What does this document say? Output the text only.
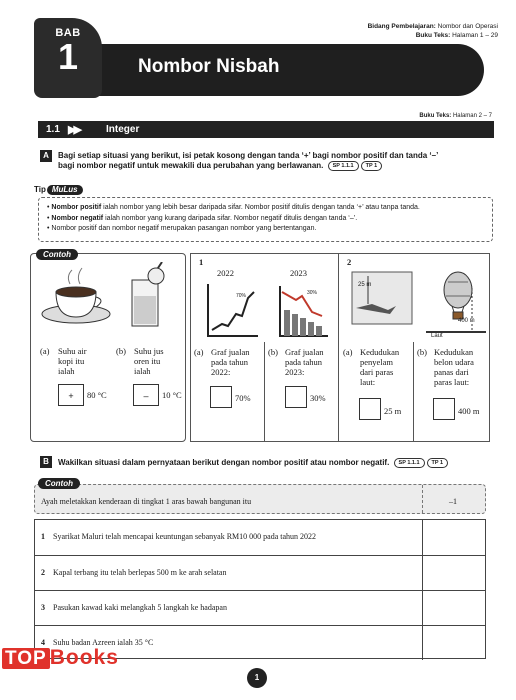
Bidang Pembelajaran: Nombor dan Operasi
Buku Teks: Halaman 1 – 29
Nombor Nisbah
BAB
1
Buku Teks: Halaman 2 – 7
1.1 ▶▶	Integer
A	Bagi setiap situasi yang berikut, isi petak kosong dengan tanda ‘+’ bagi nombor positif dan tanda ‘–’
bagi nombor negatif untuk mewakili dua perubahan yang berlawanan. SP 1.1.1 TP 1
Tip MuLus
• Nombor positif ialah nombor yang lebih besar daripada sifar. Nombor positif ditulis dengan tanda ‘+’ atau tanpa tanda.
• Nombor negatif ialah nombor yang kurang daripada sifar. Nombor negatif ditulis dengan tanda ‘–’.
• Nombor positif dan nombor negatif merupakan pasangan nombor yang bertentangan.
Contoh
(a) Suhu air
kopi itu
ialah
+	80 °C
(b) Suhu jus
oren itu
ialah
–	10 °C
1
2022	2023
70%	30%
(a) Graf jualan
pada tahun
2022:
70%
(b) Graf jualan
pada tahun
2023:
30%
2
25 m
Laut
400 m
(a) Kedudukan
penyelam
dari paras
laut:
25 m
(b) Kedudukan
belon udara
panas dari
paras laut:
400 m
B	Wakilkan situasi dalam pernyataan berikut dengan nombor positif atau nombor negatif. SP 1.1.1 TP 1
Ayah meletakkan kenderaan di tingkat 1 aras bawah bangunan itu	–1
Contoh
1 Syarikat Maluri telah mencapai keuntungan sebanyak RM10 000 pada tahun 2022
2 Kapal terbang itu telah berlepas 500 m ke arah selatan
3 Pasukan kawad kaki melangkah 5 langkah ke hadapan
4 Suhu badan Azreen ialah 35 °C
TOP Books
1
